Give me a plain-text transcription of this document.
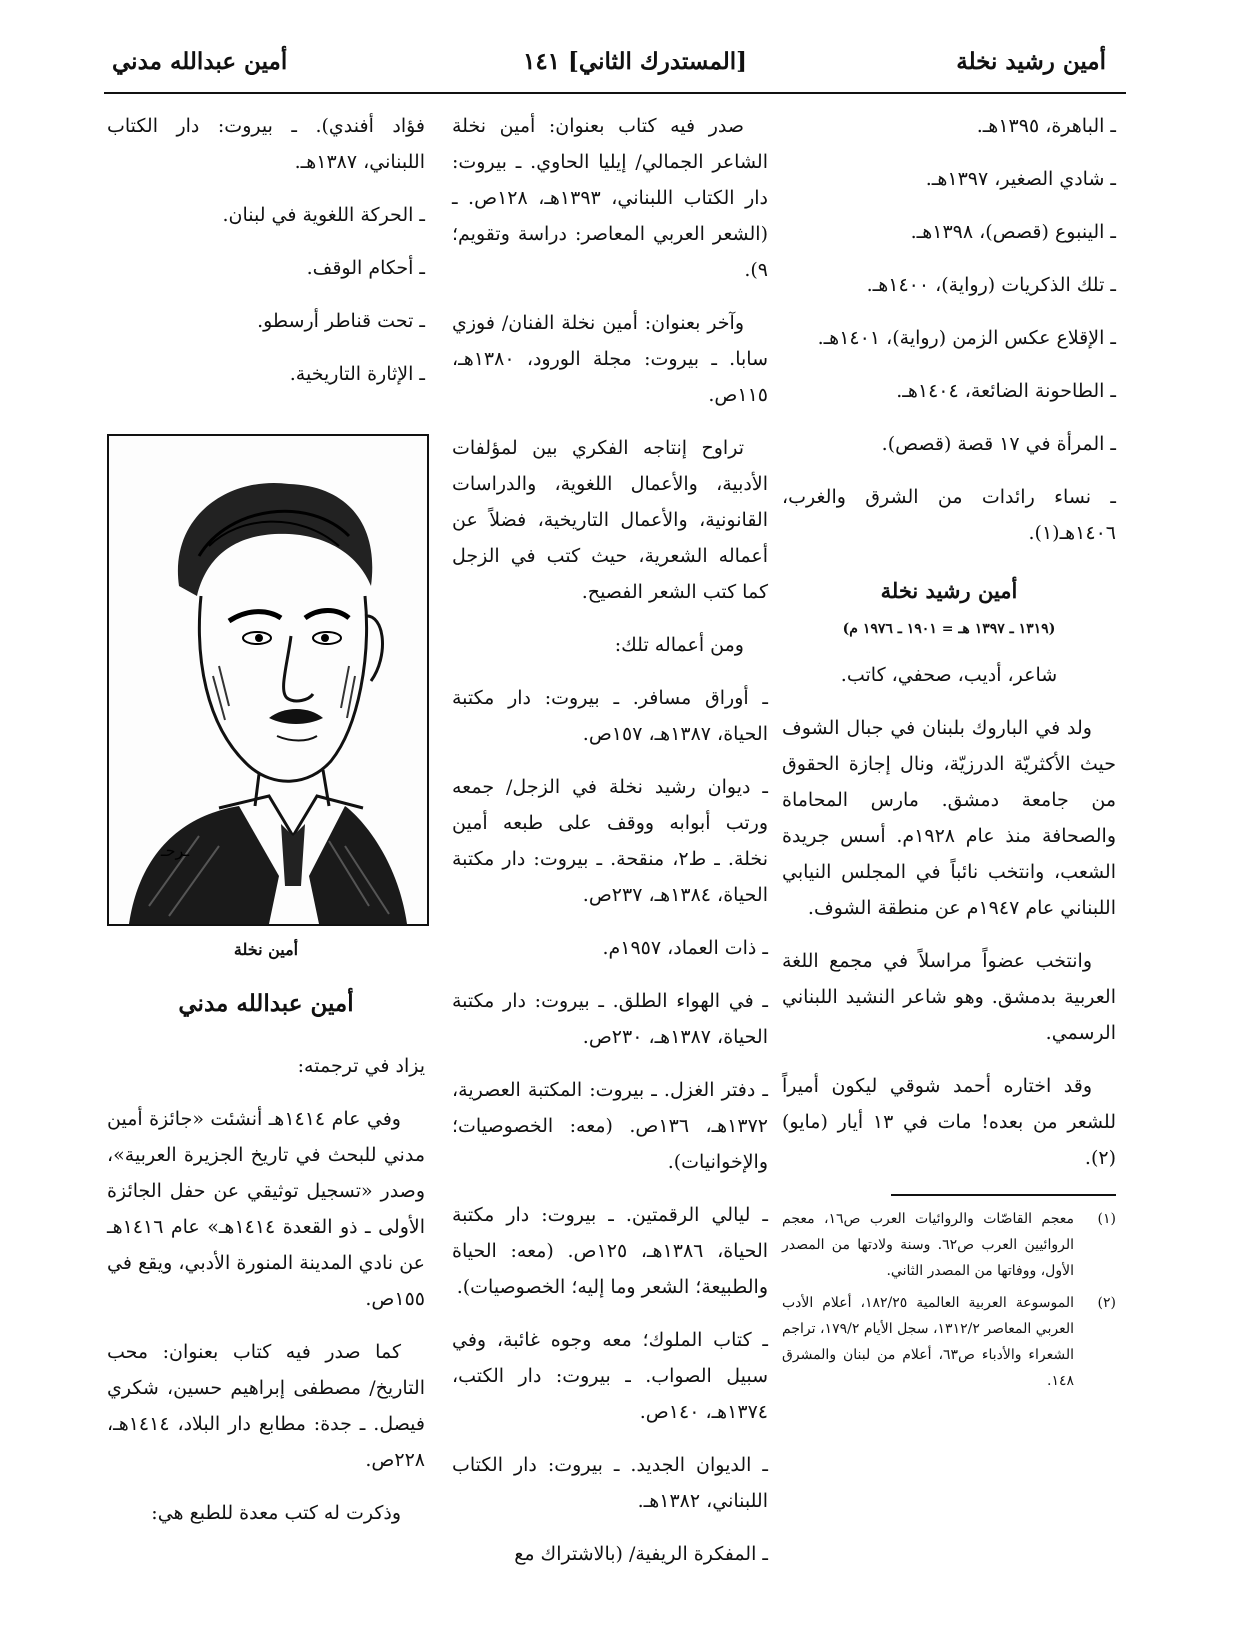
أمين رشيد نخلة
[المستدرك الثاني] ١٤١
أمين عبدالله مدني

ـ الباهرة، ١٣٩٥هـ.

ـ شادي الصغير، ١٣٩٧هـ.

ـ الينبوع (قصص)، ١٣٩٨هـ.

ـ تلك الذكريات (رواية)، ١٤٠٠هـ.

ـ الإقلاع عكس الزمن (رواية)، ١٤٠١هـ.

ـ الطاحونة الضائعة، ١٤٠٤هـ.

ـ المرأة في ١٧ قصة (قصص).

ـ نساء رائدات من الشرق والغرب، ١٤٠٦هـ(١).

أمين رشيد نخلة
(١٣١٩ ـ ١٣٩٧ هـ = ١٩٠١ ـ ١٩٧٦ م)

شاعر، أديب، صحفي، كاتب.

ولد في الباروك بلبنان في جبال الشوف حيث الأكثريّة الدرزيّة، ونال إجازة الحقوق من جامعة دمشق. مارس المحاماة والصحافة منذ عام ١٩٢٨م. أسس جريدة الشعب، وانتخب نائباً في المجلس النيابي اللبناني عام ١٩٤٧م عن منطقة الشوف.

وانتخب عضواً مراسلاً في مجمع اللغة العربية بدمشق. وهو شاعر النشيد اللبناني الرسمي.

وقد اختاره أحمد شوقي ليكون أميراً للشعر من بعده! مات في ١٣ أيار (مايو)(٢).

(١)
معجم القاصّات والروائيات العرب ص١٦، معجم الروائيين العرب ص٦٢. وسنة ولادتها من المصدر الأول، ووفاتها من المصدر الثاني.
(٢)
الموسوعة العربية العالمية ١٨٢/٢٥، أعلام الأدب العربي المعاصر ١٣١٢/٢، سجل الأيام ١٧٩/٢، تراجم الشعراء والأدباء ص٦٣، أعلام من لبنان والمشرق ١٤٨.

صدر فيه كتاب بعنوان: أمين نخلة الشاعر الجمالي/ إيليا الحاوي. ـ بيروت: دار الكتاب اللبناني، ١٣٩٣هـ، ١٢٨ص. ـ (الشعر العربي المعاصر: دراسة وتقويم؛ ٩).

وآخر بعنوان: أمين نخلة الفنان/ فوزي سابا. ـ بيروت: مجلة الورود، ١٣٨٠هـ، ١١٥ص.

تراوح إنتاجه الفكري بين لمؤلفات الأدبية، والأعمال اللغوية، والدراسات القانونية، والأعمال التاريخية، فضلاً عن أعماله الشعرية، حيث كتب في الزجل كما كتب الشعر الفصيح.

ومن أعماله تلك:

ـ أوراق مسافر. ـ بيروت: دار مكتبة الحياة، ١٣٨٧هـ، ١٥٧ص.

ـ ديوان رشيد نخلة في الزجل/ جمعه ورتب أبوابه ووقف على طبعه أمين نخلة. ـ ط٢، منقحة. ـ بيروت: دار مكتبة الحياة، ١٣٨٤هـ، ٢٣٧ص.

ـ ذات العماد، ١٩٥٧م.

ـ في الهواء الطلق. ـ بيروت: دار مكتبة الحياة، ١٣٨٧هـ، ٢٣٠ص.

ـ دفتر الغزل. ـ بيروت: المكتبة العصرية، ١٣٧٢هـ، ١٣٦ص. (معه: الخصوصيات؛ والإخوانيات).

ـ ليالي الرقمتين. ـ بيروت: دار مكتبة الحياة، ١٣٨٦هـ، ١٢٥ص. (معه: الحياة والطبيعة؛ الشعر وما إليه؛ الخصوصيات).

ـ كتاب الملوك؛ معه وجوه غائبة، وفي سبيل الصواب. ـ بيروت: دار الكتب، ١٣٧٤هـ، ١٤٠ص.

ـ الديوان الجديد. ـ بيروت: دار الكتاب اللبناني، ١٣٨٢هـ.

ـ المفكرة الريفية/ (بالاشتراك مع

فؤاد أفندي). ـ بيروت: دار الكتاب اللبناني، ١٣٨٧هـ.

ـ الحركة اللغوية في لبنان.

ـ أحكام الوقف.

ـ تحت قناطر أرسطو.

ـ الإثارة التاريخية.

ـرحـ
أمين نخلة
أمين عبدالله مدني

يزاد في ترجمته:

وفي عام ١٤١٤هـ أنشئت «جائزة أمين مدني للبحث في تاريخ الجزيرة العربية»، وصدر «تسجيل توثيقي عن حفل الجائزة الأولى ـ ذو القعدة ١٤١٤هـ» عام ١٤١٦هـ عن نادي المدينة المنورة الأدبي، ويقع في ١٥٥ص.

كما صدر فيه كتاب بعنوان: محب التاريخ/ مصطفى إبراهيم حسين، شكري فيصل. ـ جدة: مطابع دار البلاد، ١٤١٤هـ، ٢٢٨ص.

وذكرت له كتب معدة للطبع هي:
